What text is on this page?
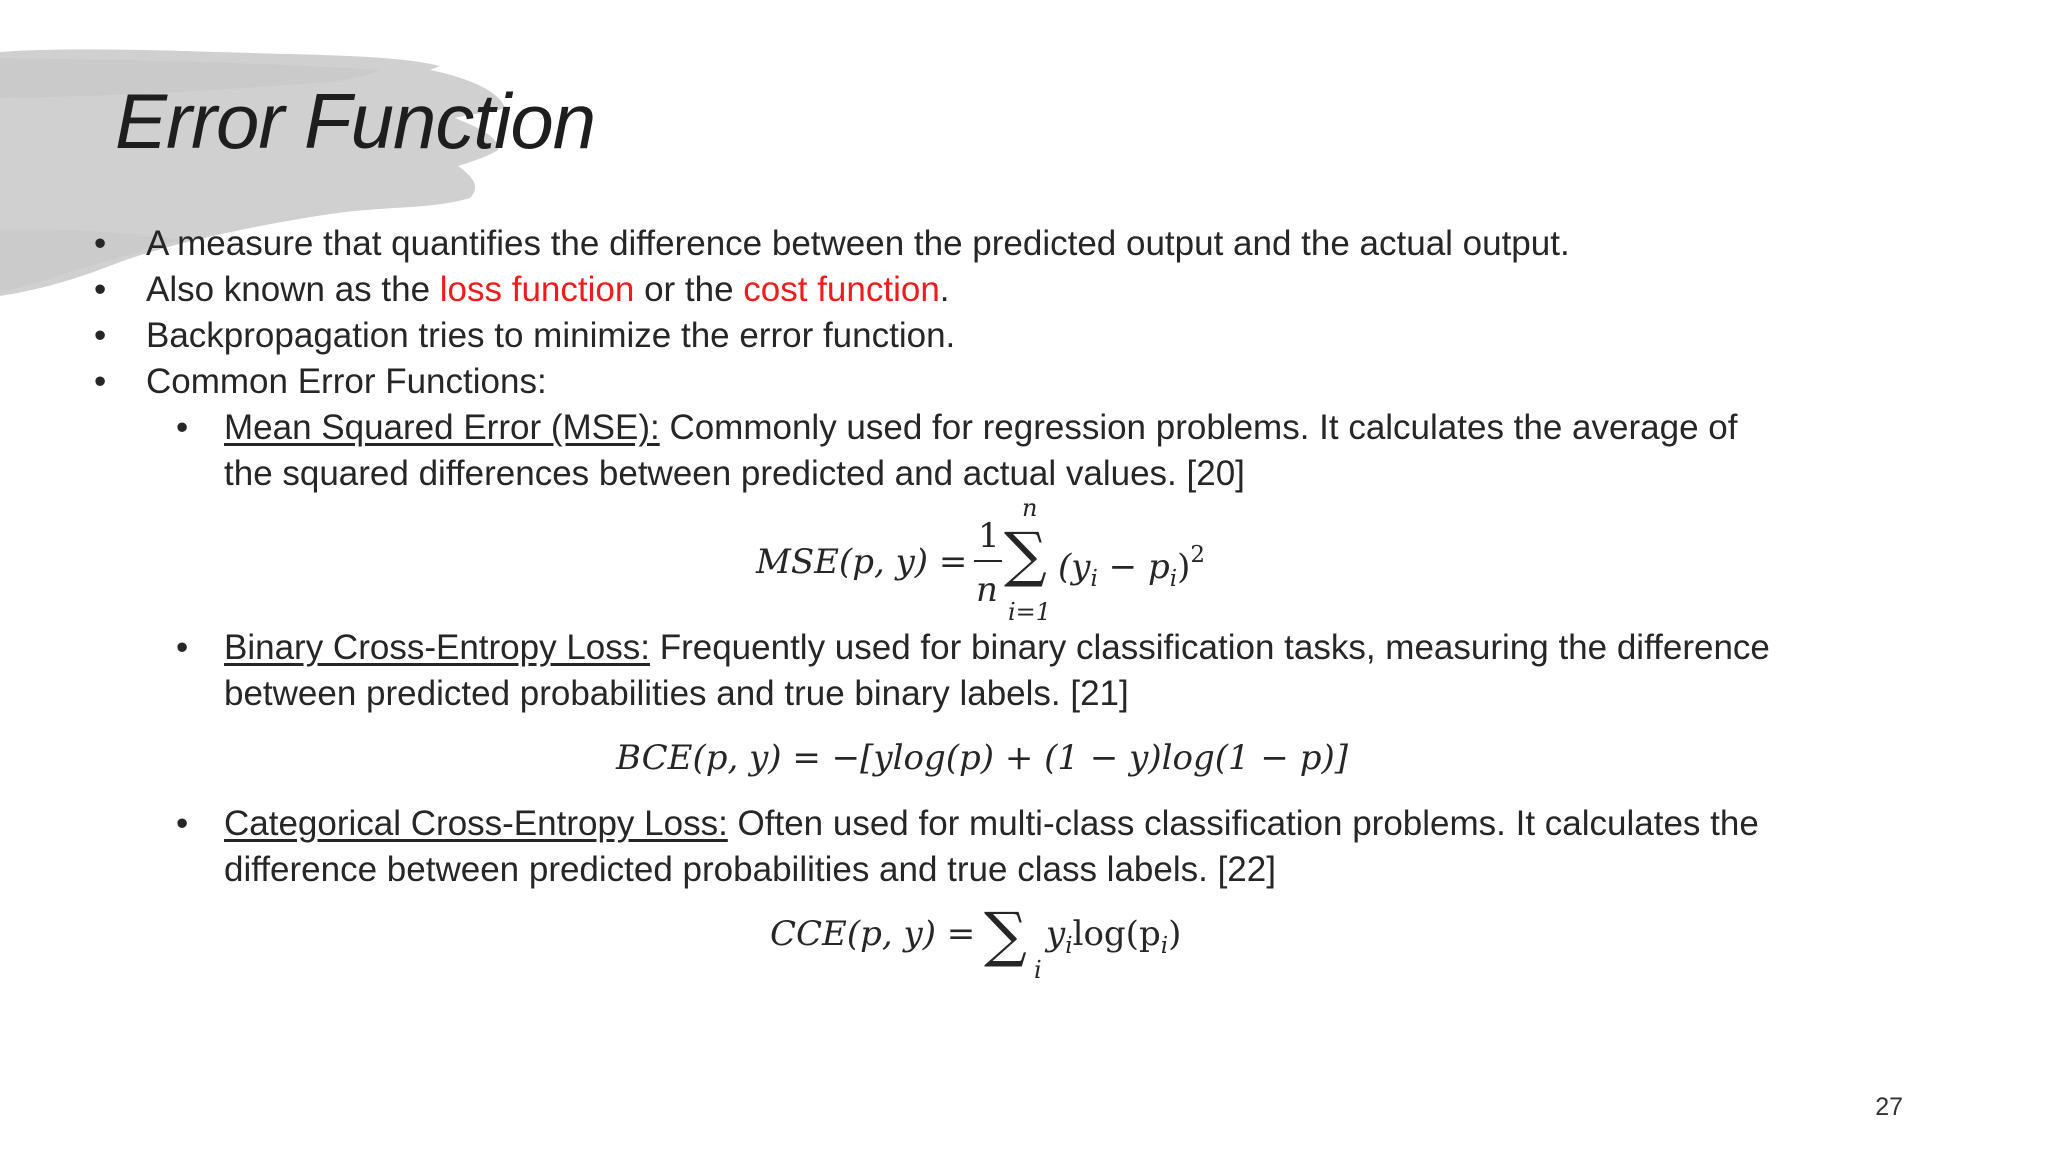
Error Function
• A measure that quantifies the difference between the predicted output and the actual output.
• Also known as the loss function or the cost function.
• Backpropagation tries to minimize the error function.
• Common Error Functions:
• Mean Squared Error (MSE): Commonly used for regression problems. It calculates the average of
the squared differences between predicted and actual values. [20]
MSE(p, y) =
1
n
n
∑
i=1
$(y_i - p_i)^2$
• Binary Cross-Entropy Loss: Frequently used for binary classification tasks, measuring the difference
between predicted probabilities and true binary labels. [21]
BCE(p, y) = −[ylog(p) + (1 − y)log(1 − p)]
• Categorical Cross-Entropy Loss: Often used for multi-class classification problems. It calculates the
difference between predicted probabilities and true class labels. [22]
CCE(p, y) = ∑ i
$y_i\log(p_i)$
27
